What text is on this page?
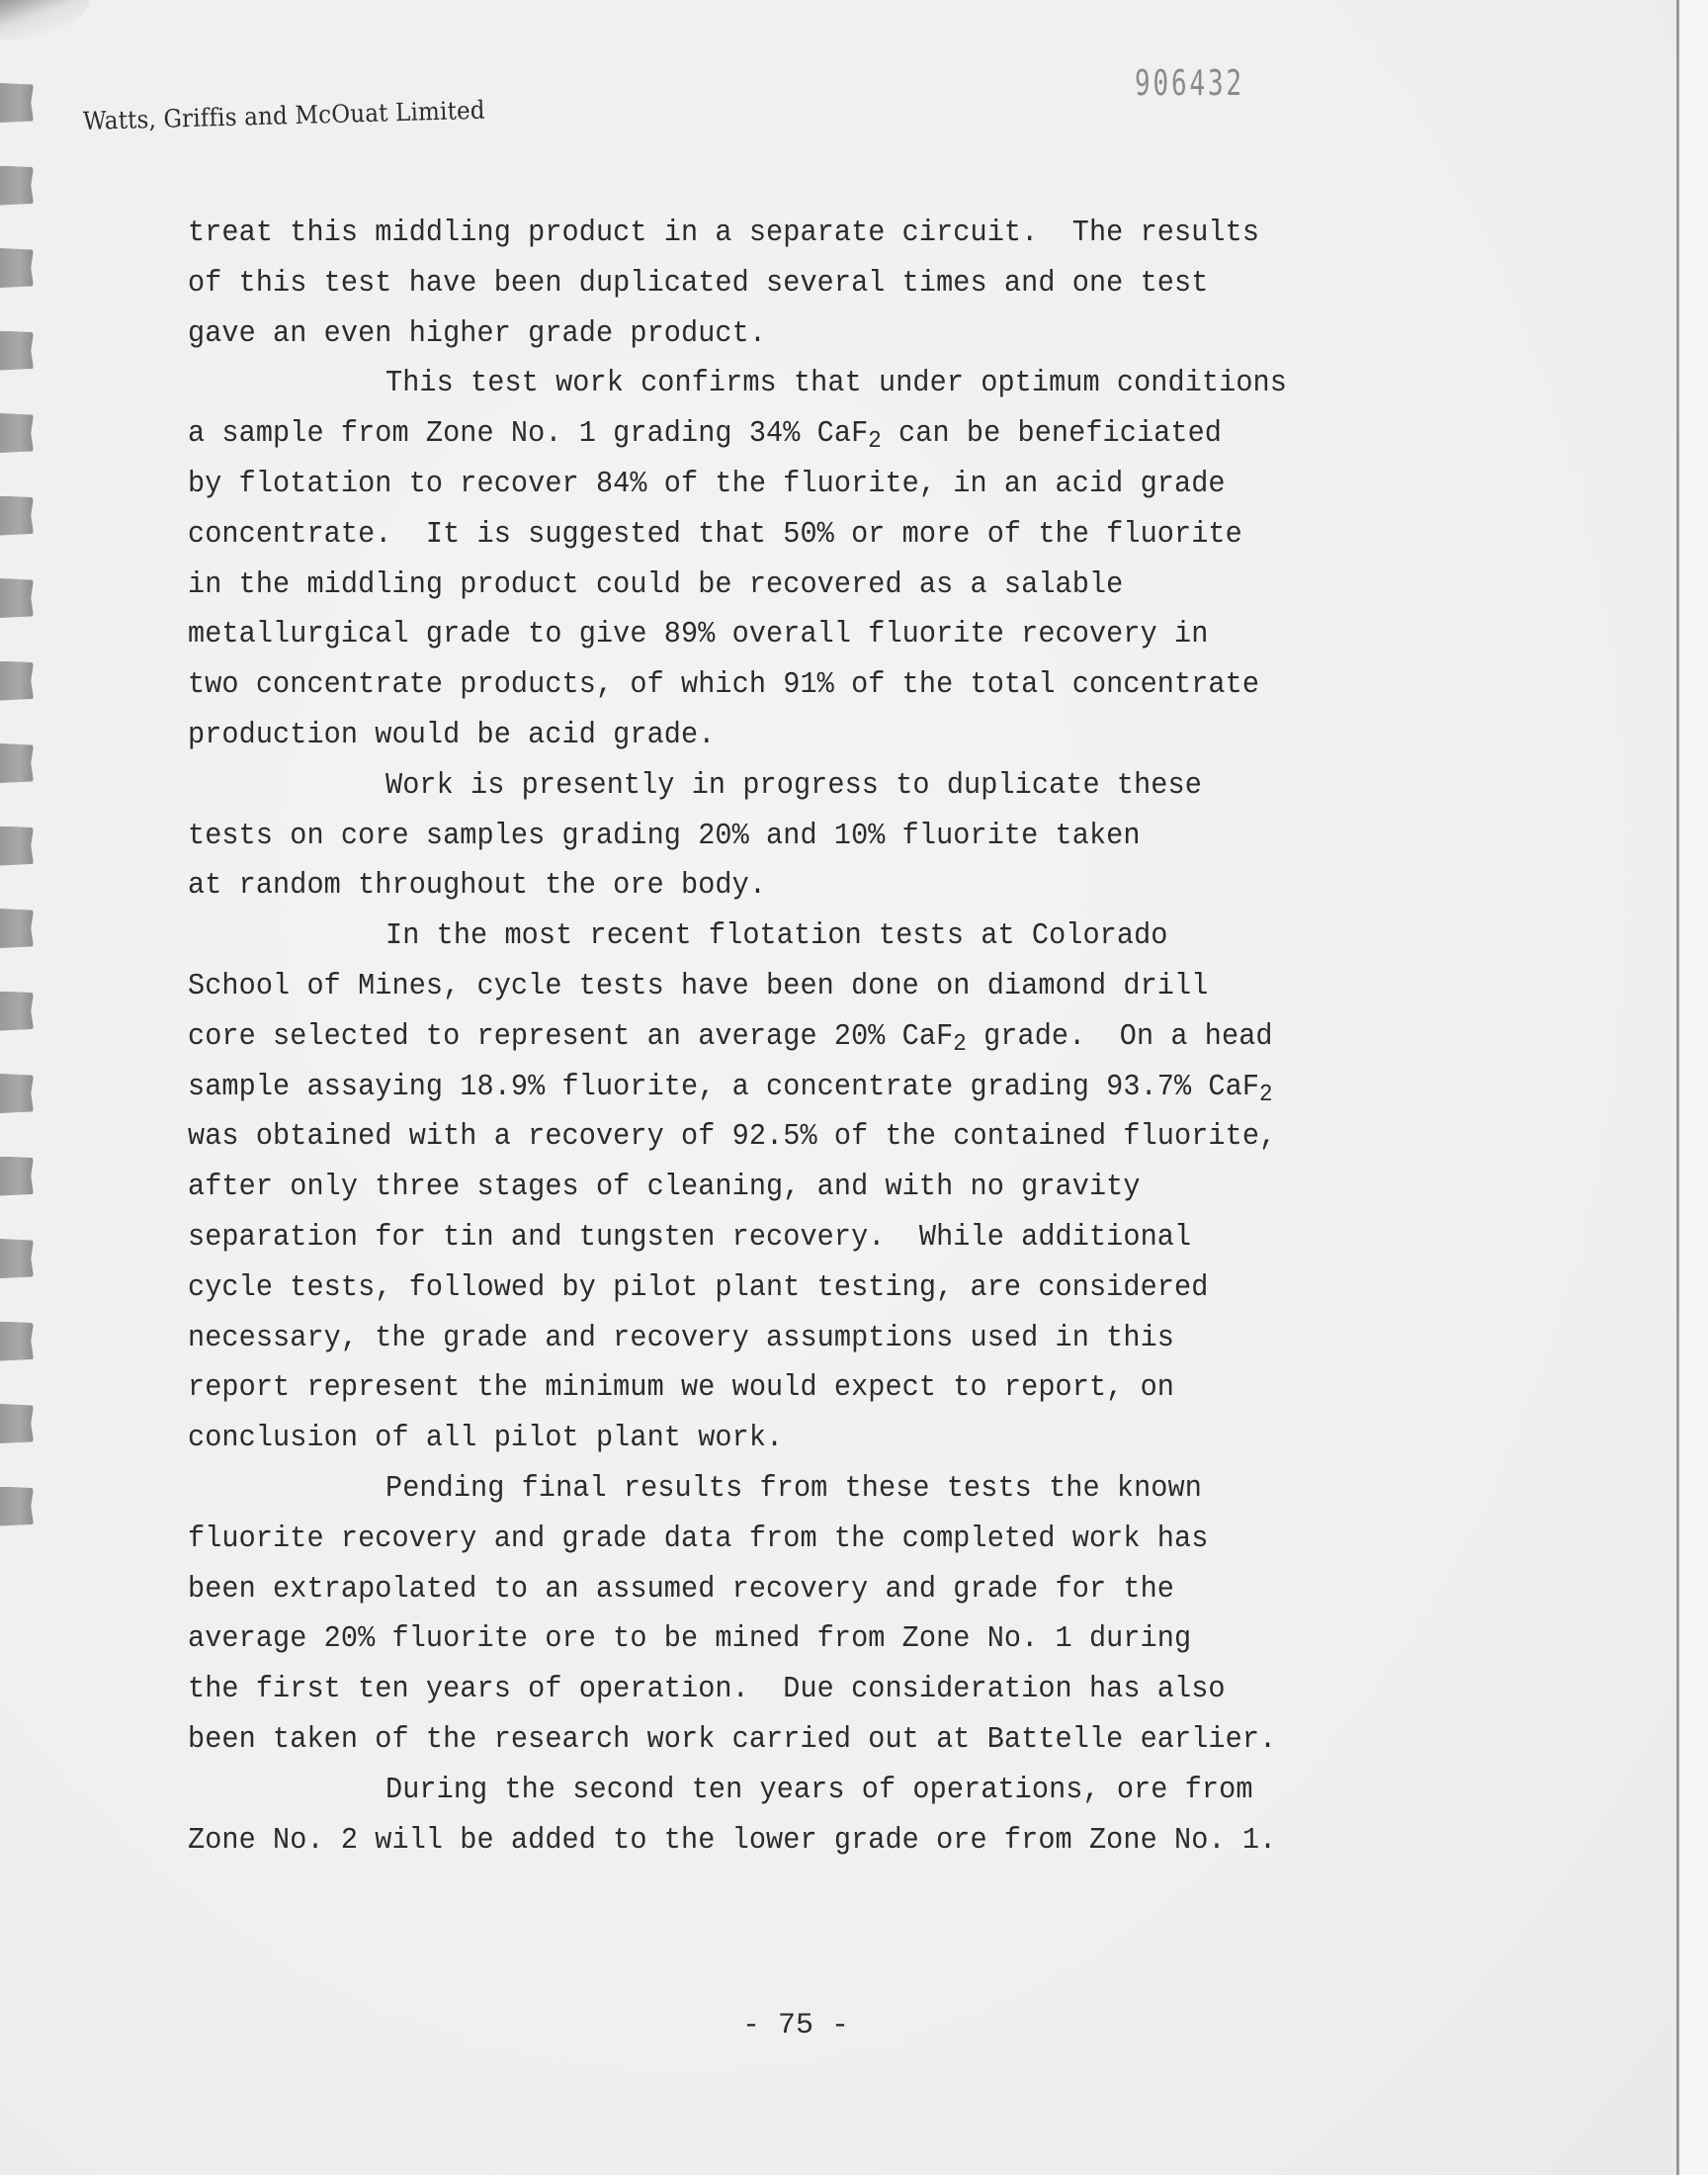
Watts, Griffis and McOuat Limited
906432
treat this middling product in a separate circuit.  The results
of this test have been duplicated several times and one test
gave an even higher grade product.
This test work confirms that under optimum conditions
a sample from Zone No. 1 grading 34% CaF$_2$ can be beneficiated
by flotation to recover 84% of the fluorite, in an acid grade
concentrate.  It is suggested that 50% or more of the fluorite
in the middling product could be recovered as a salable
metallurgical grade to give 89% overall fluorite recovery in
two concentrate products, of which 91% of the total concentrate
production would be acid grade.
Work is presently in progress to duplicate these
tests on core samples grading 20% and 10% fluorite taken
at random throughout the ore body.
In the most recent flotation tests at Colorado
School of Mines, cycle tests have been done on diamond drill
core selected to represent an average 20% CaF$_2$ grade.  On a head
sample assaying 18.9% fluorite, a concentrate grading 93.7% CaF$_2$
was obtained with a recovery of 92.5% of the contained fluorite,
after only three stages of cleaning, and with no gravity
separation for tin and tungsten recovery.  While additional
cycle tests, followed by pilot plant testing, are considered
necessary, the grade and recovery assumptions used in this
report represent the minimum we would expect to report, on
conclusion of all pilot plant work.
Pending final results from these tests the known
fluorite recovery and grade data from the completed work has
been extrapolated to an assumed recovery and grade for the
average 20% fluorite ore to be mined from Zone No. 1 during
the first ten years of operation.  Due consideration has also
been taken of the research work carried out at Battelle earlier.
During the second ten years of operations, ore from
Zone No. 2 will be added to the lower grade ore from Zone No. 1.
- 75 -
